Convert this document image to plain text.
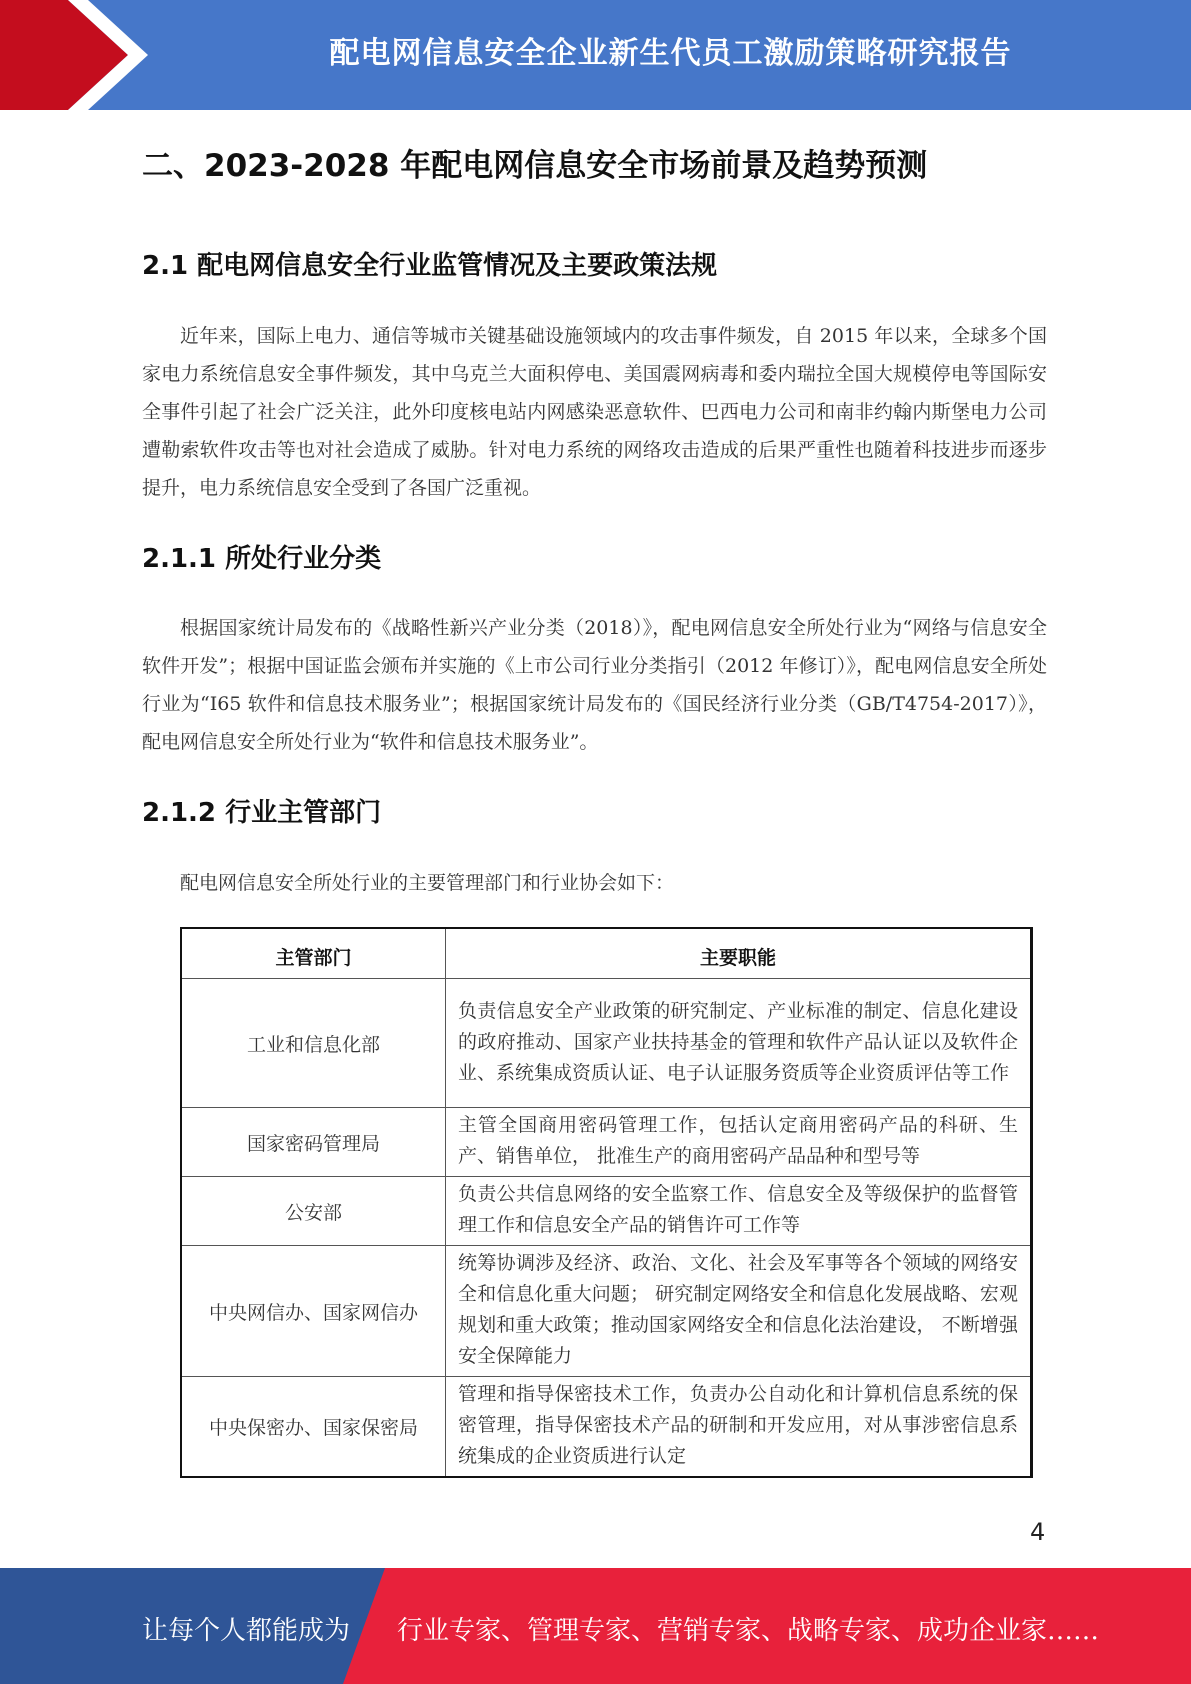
配电网信息安全企业新生代员工激励策略研究报告
二、2023-2028 年配电网信息安全市场前景及趋势预测
2.1 配电网信息安全行业监管情况及主要政策法规

近年来，国际上电力、通信等城市关键基础设施领域内的攻击事件频发，自 2015 年以来，全球多个国家电力系统信息安全事件频发，其中乌克兰大面积停电、美国震网病毒和委内瑞拉全国大规模停电等国际安全事件引起了社会广泛关注，此外印度核电站内网感染恶意软件、巴西电力公司和南非约翰内斯堡电力公司遭勒索软件攻击等也对社会造成了威胁。针对电力系统的网络攻击造成的后果严重性也随着科技进步而逐步提升，电力系统信息安全受到了各国广泛重视。

2.1.1 所处行业分类

根据国家统计局发布的《战略性新兴产业分类（2018）》，配电网信息安全所处行业为“网络与信息安全软件开发”；根据中国证监会颁布并实施的《上市公司行业分类指引（2012 年修订）》，配电网信息安全所处行业为“I65 软件和信息技术服务业”；根据国家统计局发布的《国民经济行业分类（GB/T4754-2017）》，配电网信息安全所处行业为“软件和信息技术服务业”。

2.1.2 行业主管部门

配电网信息安全所处行业的主要管理部门和行业协会如下：

主管部门	主要职能
工业和信息化部	负责信息安全产业政策的研究制定、产业标准的制定、信息化建设的政府推动、国家产业扶持基金的管理和软件产品认证以及软件企业、系统集成资质认证、电子认证服务资质等企业资质评估等工作
国家密码管理局	主管全国商用密码管理工作，包括认定商用密码产品的科研、生产、销售单位， 批准生产的商用密码产品品种和型号等
公安部	负责公共信息网络的安全监察工作、信息安全及等级保护的监督管理工作和信息安全产品的销售许可工作等
中央网信办、国家网信办	统筹协调涉及经济、政治、文化、社会及军事等各个领域的网络安全和信息化重大问题； 研究制定网络安全和信息化发展战略、宏观规划和重大政策；推动国家网络安全和信息化法治建设， 不断增强安全保障能力
中央保密办、国家保密局	管理和指导保密技术工作，负责办公自动化和计算机信息系统的保密管理，指导保密技术产品的研制和开发应用，对从事涉密信息系统集成的企业资质进行认定
4
让每个人都能成为 行业专家、管理专家、营销专家、战略专家、成功企业家……
